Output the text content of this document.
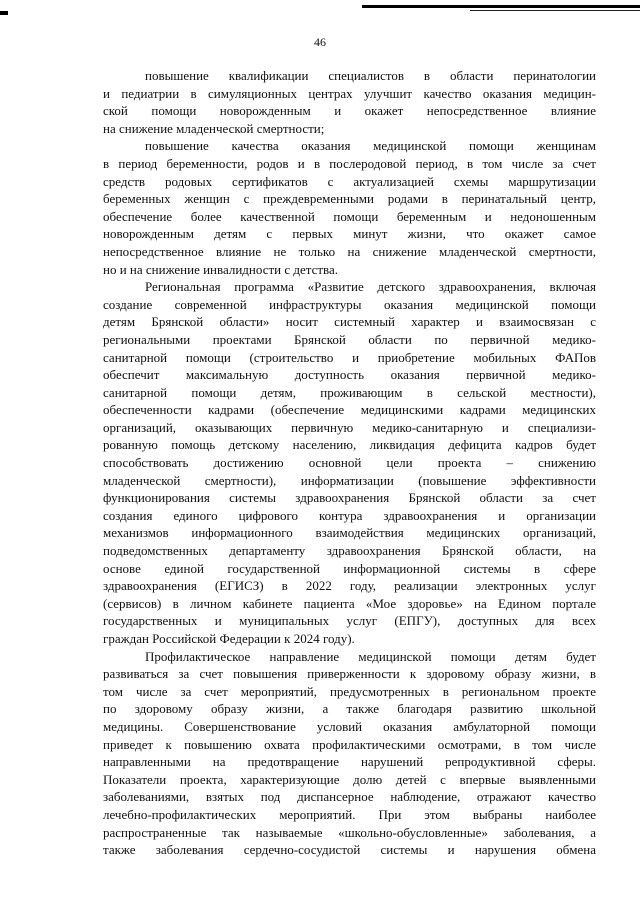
46
повышение квалификации специалистов в области перинатологии
и педиатрии в симуляционных центрах улучшит качество оказания медицин-
ской помощи новорожденным и окажет непосредственное влияние
на снижение младенческой смертности;
повышение качества оказания медицинской помощи женщинам
в период беременности, родов и в послеродовой период, в том числе за счет
средств родовых сертификатов с актуализацией схемы маршрутизации
беременных женщин с преждевременными родами в перинатальный центр,
обеспечение более качественной помощи беременным и недоношенным
новорожденным детям с первых минут жизни, что окажет самое
непосредственное влияние не только на снижение младенческой смертности,
но и на снижение инвалидности с детства.
Региональная программа «Развитие детского здравоохранения, включая
создание современной инфраструктуры оказания медицинской помощи
детям Брянской области» носит системный характер и взаимосвязан с
региональными проектами Брянской области по первичной медико-
санитарной помощи (строительство и приобретение мобильных ФАПов
обеспечит максимальную доступность оказания первичной медико-
санитарной помощи детям, проживающим в сельской местности),
обеспеченности кадрами (обеспечение медицинскими кадрами медицинских
организаций, оказывающих первичную медико-санитарную и специализи-
рованную помощь детскому населению, ликвидация дефицита кадров будет
способствовать достижению основной цели проекта – снижению
младенческой смертности), информатизации (повышение эффективности
функционирования системы здравоохранения Брянской области за счет
создания единого цифрового контура здравоохранения и организации
механизмов информационного взаимодействия медицинских организаций,
подведомственных департаменту здравоохранения Брянской области, на
основе единой государственной информационной системы в сфере
здравоохранения (ЕГИСЗ) в 2022 году, реализации электронных услуг
(сервисов) в личном кабинете пациента «Мое здоровье» на Едином портале
государственных и муниципальных услуг (ЕПГУ), доступных для всех
граждан Российской Федерации к 2024 году).
Профилактическое направление медицинской помощи детям будет
развиваться за счет повышения приверженности к здоровому образу жизни, в
том числе за счет мероприятий, предусмотренных в региональном проекте
по здоровому образу жизни, а также благодаря развитию школьной
медицины. Совершенствование условий оказания амбулаторной помощи
приведет к повышению охвата профилактическими осмотрами, в том числе
направленными на предотвращение нарушений репродуктивной сферы.
Показатели проекта, характеризующие долю детей с впервые выявленными
заболеваниями, взятых под диспансерное наблюдение, отражают качество
лечебно-профилактических мероприятий. При этом выбраны наиболее
распространенные так называемые «школьно-обусловленные» заболевания, а
также заболевания сердечно-сосудистой системы и нарушения обмена
